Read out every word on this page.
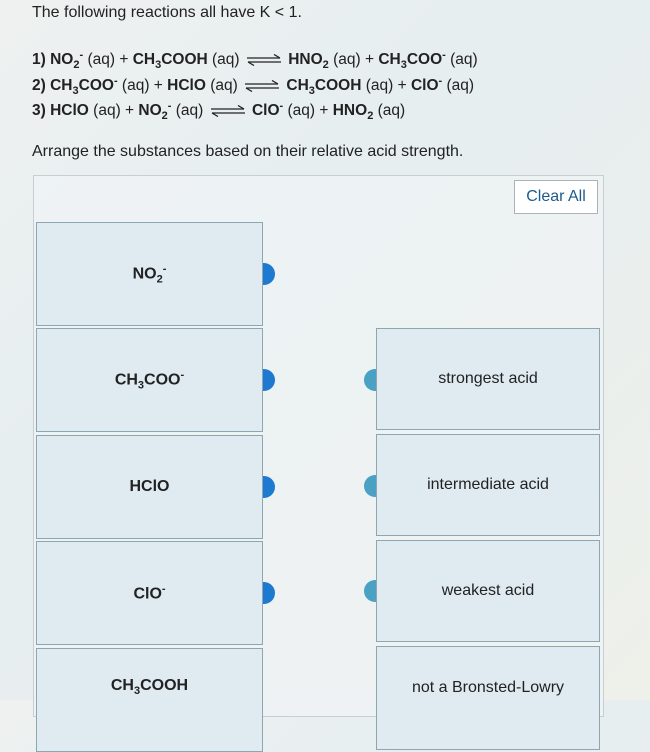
The following reactions all have K < 1.
1) $NO_2^-$ $(aq) + CH_3COOH$ (aq) ⇌ $HNO_2$ $(aq) + CH_3COO^-$ (aq)
2) $CH_3COO^-$ (aq) + HClO (aq) ⇌ $CH_3COOH$ (aq) + ClO- (aq)
3) HClO $(aq) + NO_2^-$ (aq) ⇌ ClO- $(aq) + HNO_2$ (aq)
Arrange the substances based on their relative acid strength.
Clear All
$NO_2^-$
$CH_3COO^-$
HClO
ClO-
$CH_3COOH$
strongest acid
intermediate acid
weakest acid
not a Bronsted-Lowry
